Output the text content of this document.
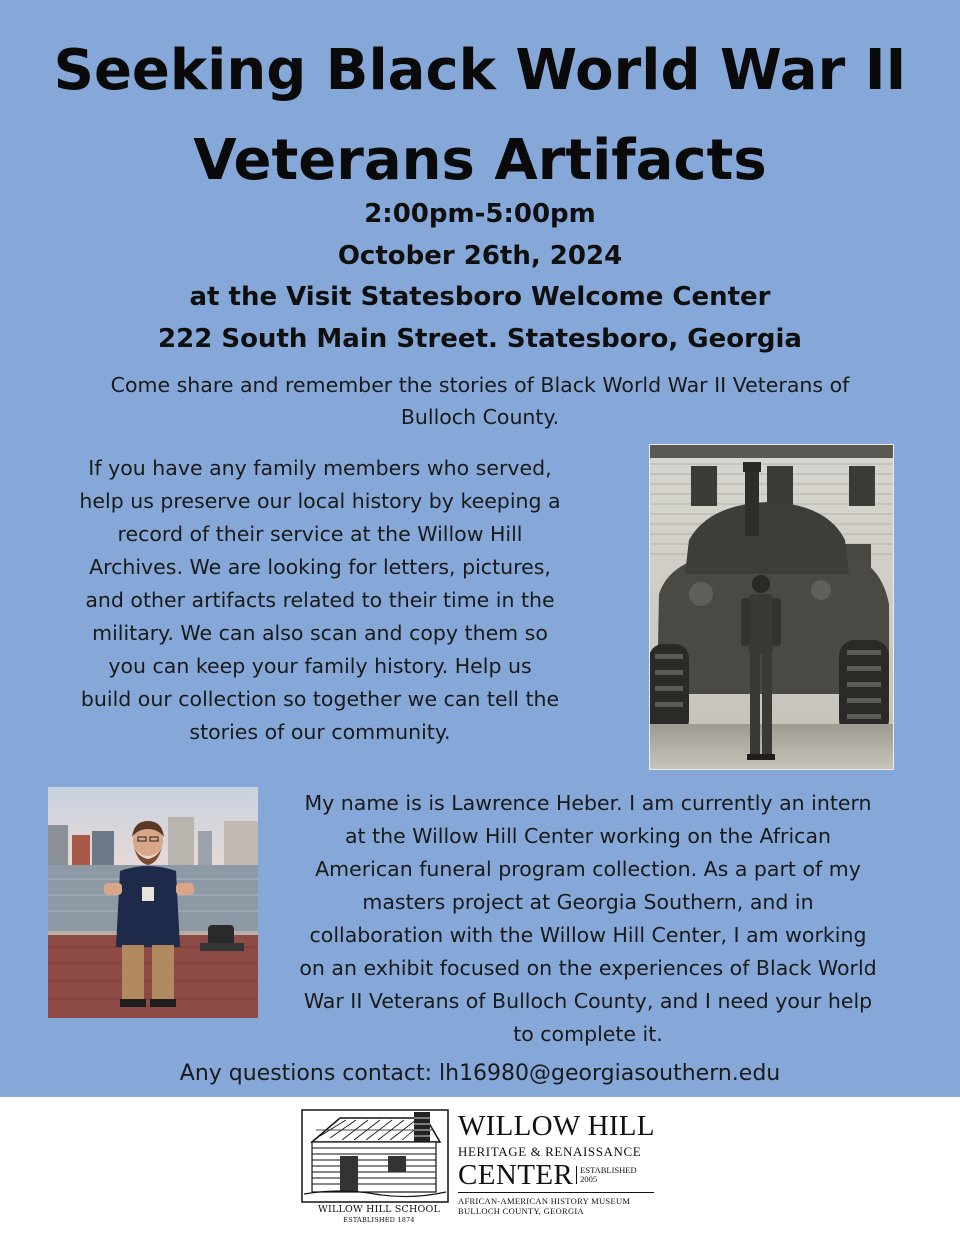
Seeking Black World War II
Veterans Artifacts
2:00pm-5:00pm
October 26th, 2024
at the Visit Statesboro Welcome Center
222 South Main Street. Statesboro, Georgia
Come share and remember the stories of Black World War II Veterans of
Bulloch County.
If you have any family members who served,
help us preserve our local history by keeping a
record of their service at the Willow Hill
Archives. We are looking for letters, pictures,
and other artifacts related to their time in the
military. We can also scan and copy them so
you can keep your family history. Help us
build our collection so together we can tell the
stories of our community.
My name is is Lawrence Heber. I am currently an intern
at the Willow Hill Center working on the African
American funeral program collection. As a part of my
masters project at Georgia Southern, and in
collaboration with the Willow Hill Center, I am working
on an exhibit focused on the experiences of Black World
War II Veterans of Bulloch County, and I need your help
to complete it.
Any questions contact: lh16980@georgiasouthern.edu
WILLOW HILL SCHOOL
ESTABLISHED 1874
WILLOW HILL
HERITAGE & RENAISSANCE
CENTER ESTABLISHED
2005
AFRICAN-AMERICAN HISTORY MUSEUM
BULLOCH COUNTY, GEORGIA
